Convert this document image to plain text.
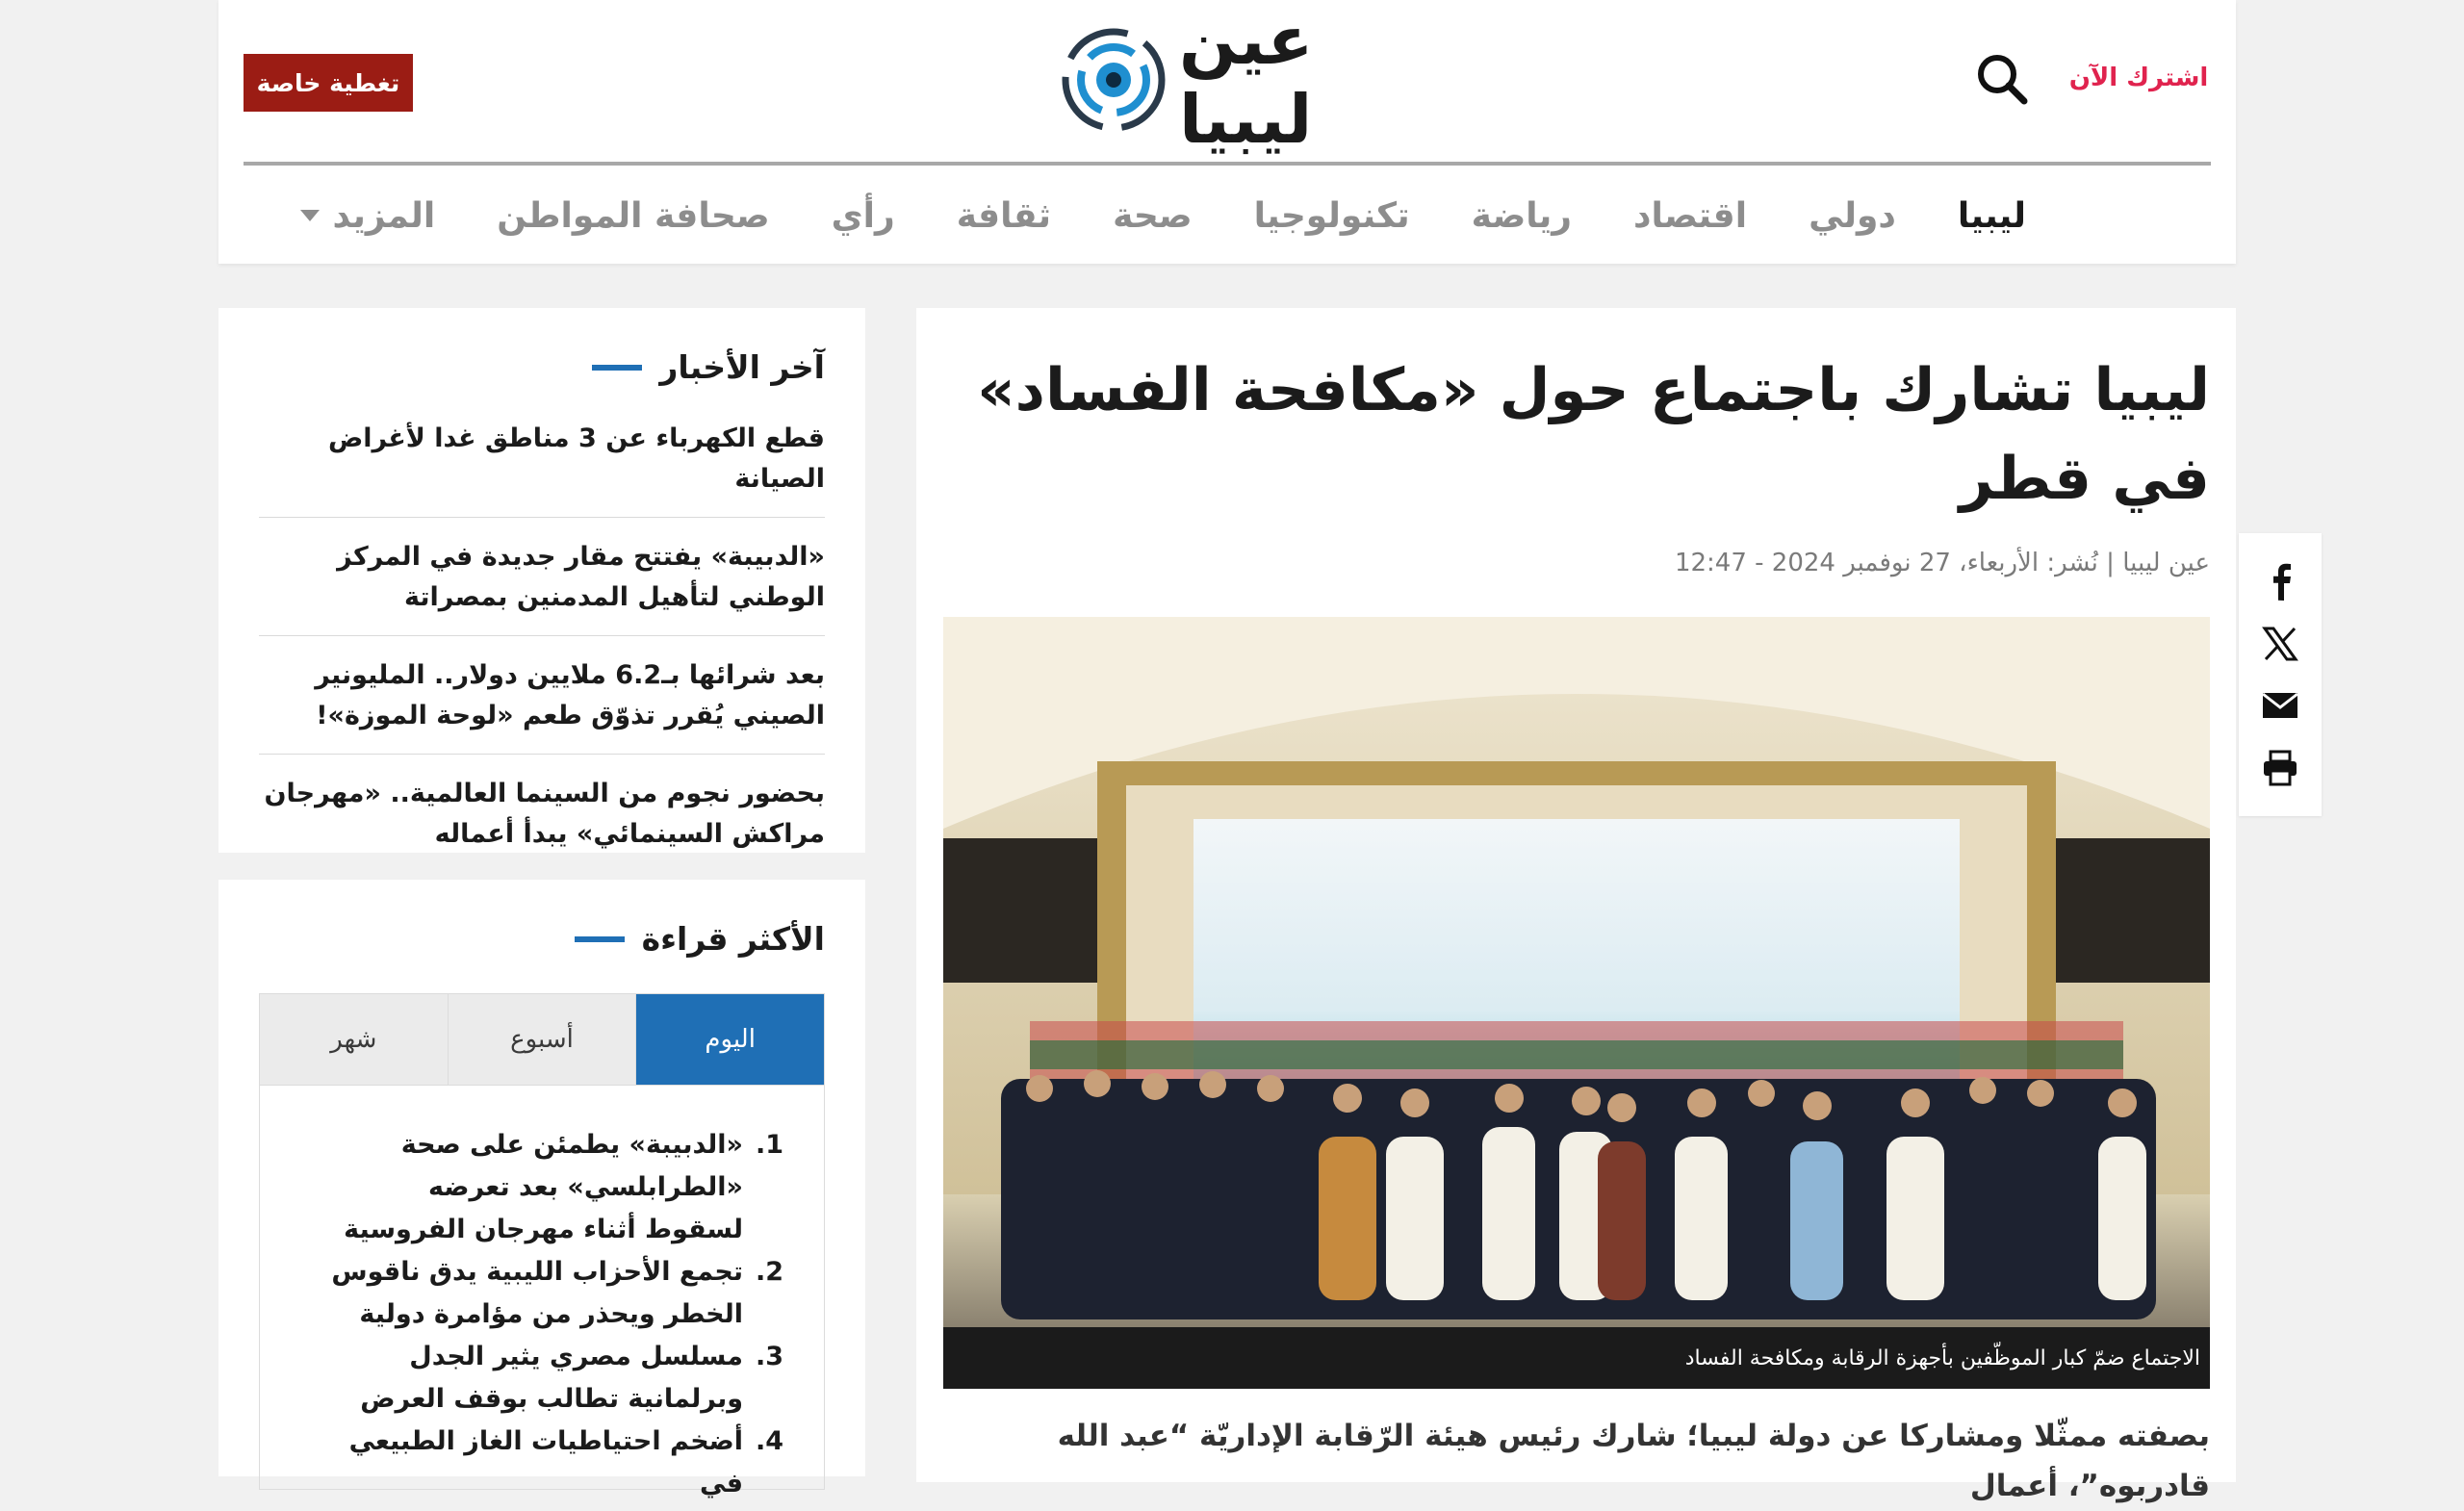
تغطية خاصة
عين ليبيا
اشترك الآن
ليبيا
دولي
اقتصاد
رياضة
تكنولوجيا
صحة
ثقافة
رأي
صحافة المواطن
المزيد
آخر الأخبار
قطع الكهرباء عن 3 مناطق غدا لأغراض الصيانة
«الدبيبة» يفتتح مقار جديدة في المركز الوطني لتأهيل المدمنين بمصراتة
بعد شرائها بـ6.2 ملايين دولار.. المليونير الصيني يُقرر تذوّق طعم «لوحة الموزة»!
بحضور نجوم من السينما العالمية.. «مهرجان مراكش السينمائي» يبدأ أعماله
الأكثر قراءة
اليوم
أسبوع
شهر
1.
«الدبيبة» يطمئن على صحة «الطرابلسي» بعد تعرضه لسقوط أثناء مهرجان الفروسية
2.
تجمع الأحزاب الليبية يدق ناقوس الخطر ويحذر من مؤامرة دولية
3.
مسلسل مصري يثير الجدل وبرلمانية تطالب بوقف العرض
4.
أضخم احتياطيات الغاز الطبيعي في
ليبيا تشارك باجتماع حول «مكافحة الفساد» في قطر
عين ليبيا | نُشر: الأربعاء، 27 نوفمبر 2024 - 12:47
الاجتماع ضمّ كبار الموظّفين بأجهزة الرقابة ومكافحة الفساد

بصفته ممثّلا ومشاركا عن دولة ليبيا؛ شارك رئيس هيئة الرّقابة الإداريّة “عبد الله قادربوه”، أعمال
